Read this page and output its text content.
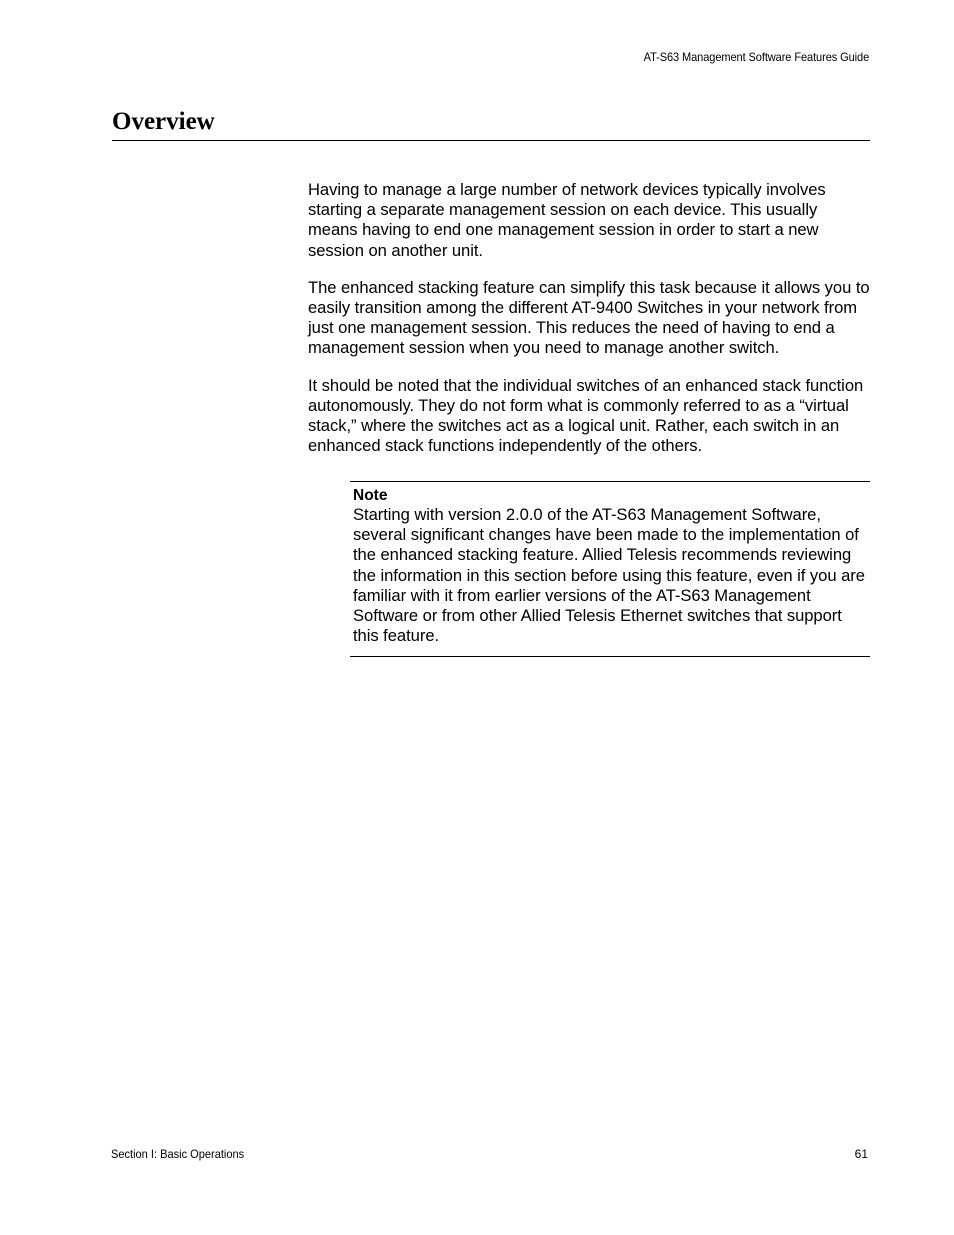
AT-S63 Management Software Features Guide
Overview

Having to manage a large number of network devices typically involves starting a separate management session on each device. This usually means having to end one management session in order to start a new session on another unit.

The enhanced stacking feature can simplify this task because it allows you to easily transition among the different AT-9400 Switches in your network from just one management session. This reduces the need of having to end a management session when you need to manage another switch.

It should be noted that the individual switches of an enhanced stack function autonomously. They do not form what is commonly referred to as a “virtual stack,” where the switches act as a logical unit. Rather, each switch in an enhanced stack functions independently of the others.

Note

Starting with version 2.0.0 of the AT-S63 Management Software, several significant changes have been made to the implementation of the enhanced stacking feature. Allied Telesis recommends reviewing the information in this section before using this feature, even if you are familiar with it from earlier versions of the AT-S63 Management Software or from other Allied Telesis Ethernet switches that support this feature.

Section I: Basic Operations	61
